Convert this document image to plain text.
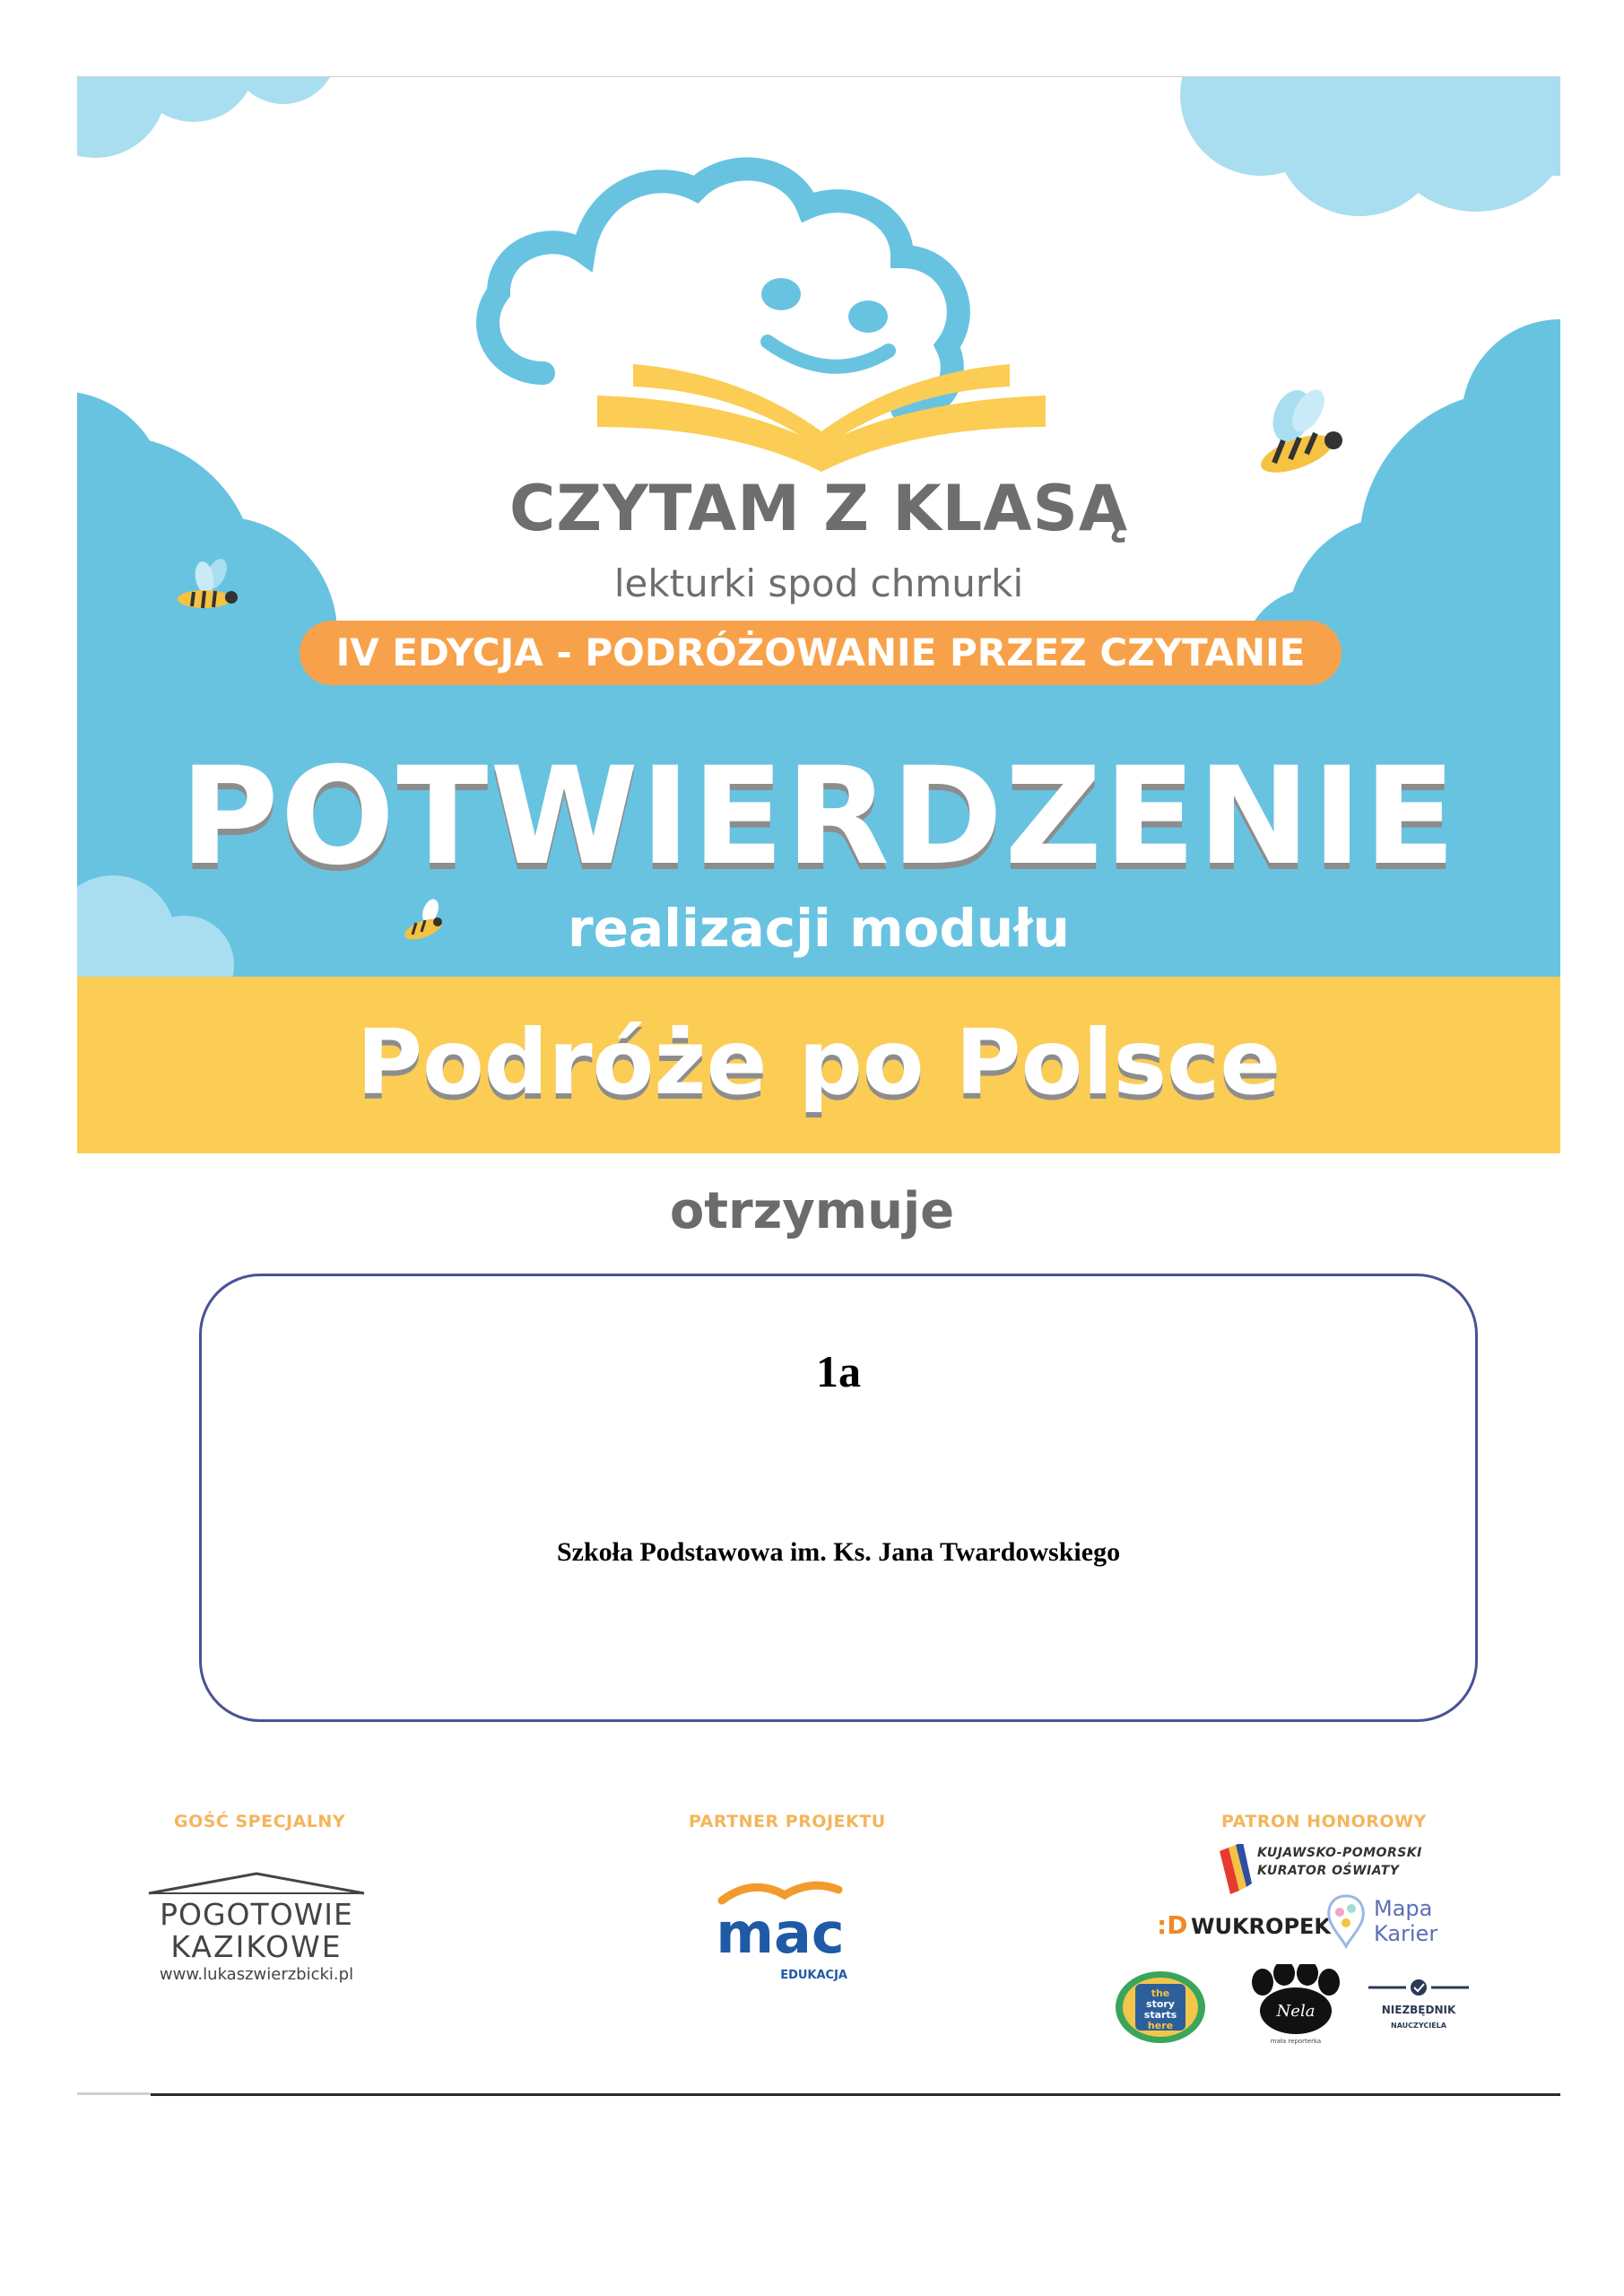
CZYTAM Z KLASĄ
lekturki spod chmurki
IV EDYCJA - PODRÓŻOWANIE PRZEZ CZYTANIE
POTWIERDZENIE
realizacji modułu
Podróże po Polsce
otrzymuje
1a
Szkoła Podstawowa im. Ks. Jana Twardowskiego
GOŚĆ SPECJALNY	PARTNER PROJEKTU	PATRON HONOROWY
POGOTOWIE
KAZIKOWE
www.lukaszwierzbicki.pl
mac
EDUKACJA
KUJAWSKO-POMORSKI
KURATOR OŚWIATY
:D WUKROPEK
Mapa
Karier
the
story
starts
here
Nela
mała reporterka
NIEZBĘDNIK
NAUCZYCIELA
